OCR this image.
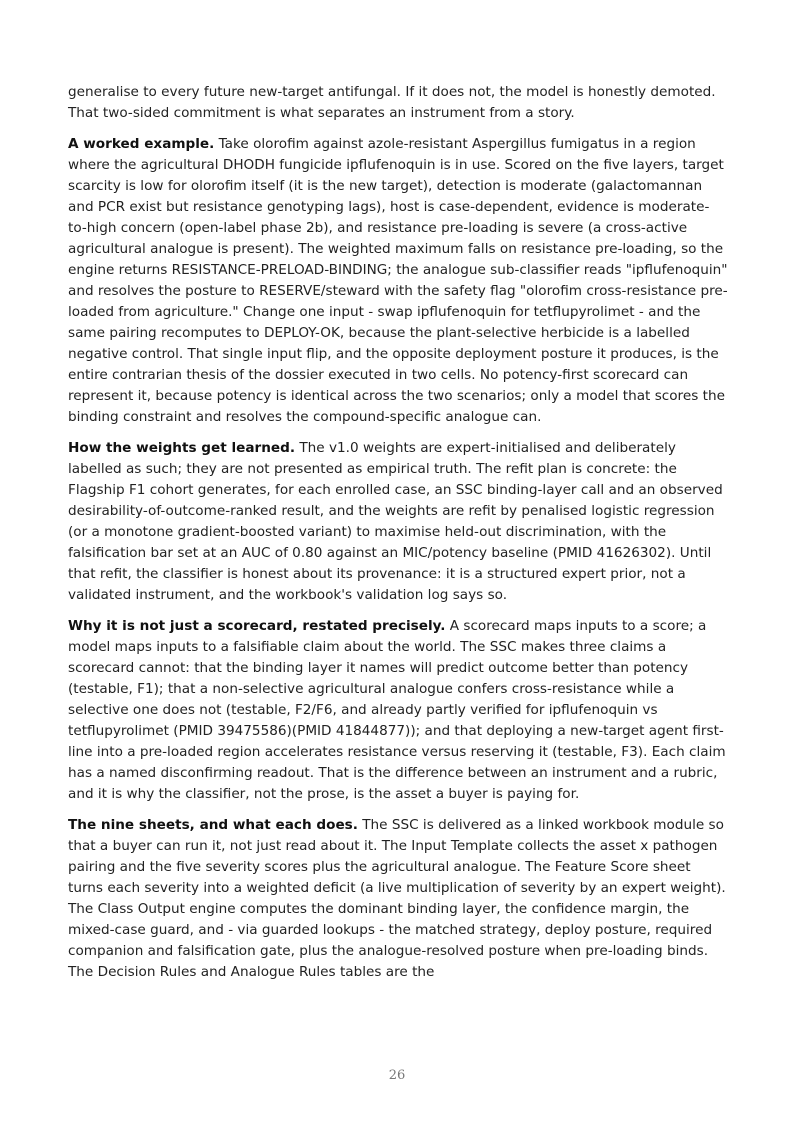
generalise to every future new-target antifungal. If it does not, the model is honestly demoted. That two-sided commitment is what separates an instrument from a story.

A worked example. Take olorofim against azole-resistant Aspergillus fumigatus in a region where the agricultural DHODH fungicide ipflufenoquin is in use. Scored on the five layers, target scarcity is low for olorofim itself (it is the new target), detection is moderate (galactomannan and PCR exist but resistance genotyping lags), host is case-dependent, evidence is moderate-to-high concern (open-label phase 2b), and resistance pre-loading is severe (a cross-active agricultural analogue is present). The weighted maximum falls on resistance pre-loading, so the engine returns RESISTANCE-PRELOAD-BINDING; the analogue sub-classifier reads "ipflufenoquin" and resolves the posture to RESERVE/steward with the safety flag "olorofim cross-resistance pre-loaded from agriculture." Change one input - swap ipflufenoquin for tetflupyrolimet - and the same pairing recomputes to DEPLOY-OK, because the plant-selective herbicide is a labelled negative control. That single input flip, and the opposite deployment posture it produces, is the entire contrarian thesis of the dossier executed in two cells. No potency-first scorecard can represent it, because potency is identical across the two scenarios; only a model that scores the binding constraint and resolves the compound-specific analogue can.

How the weights get learned. The v1.0 weights are expert-initialised and deliberately labelled as such; they are not presented as empirical truth. The refit plan is concrete: the Flagship F1 cohort generates, for each enrolled case, an SSC binding-layer call and an observed desirability-of-outcome-ranked result, and the weights are refit by penalised logistic regression (or a monotone gradient-boosted variant) to maximise held-out discrimination, with the falsification bar set at an AUC of 0.80 against an MIC/potency baseline (PMID 41626302). Until that refit, the classifier is honest about its provenance: it is a structured expert prior, not a validated instrument, and the workbook's validation log says so.

Why it is not just a scorecard, restated precisely. A scorecard maps inputs to a score; a model maps inputs to a falsifiable claim about the world. The SSC makes three claims a scorecard cannot: that the binding layer it names will predict outcome better than potency (testable, F1); that a non-selective agricultural analogue confers cross-resistance while a selective one does not (testable, F2/F6, and already partly verified for ipflufenoquin vs tetflupyrolimet (PMID 39475586)(PMID 41844877)); and that deploying a new-target agent first-line into a pre-loaded region accelerates resistance versus reserving it (testable, F3). Each claim has a named disconfirming readout. That is the difference between an instrument and a rubric, and it is why the classifier, not the prose, is the asset a buyer is paying for.

The nine sheets, and what each does. The SSC is delivered as a linked workbook module so that a buyer can run it, not just read about it. The Input Template collects the asset x pathogen pairing and the five severity scores plus the agricultural analogue. The Feature Score sheet turns each severity into a weighted deficit (a live multiplication of severity by an expert weight). The Class Output engine computes the dominant binding layer, the confidence margin, the mixed-case guard, and - via guarded lookups - the matched strategy, deploy posture, required companion and falsification gate, plus the analogue-resolved posture when pre-loading binds. The Decision Rules and Analogue Rules tables are the

26
